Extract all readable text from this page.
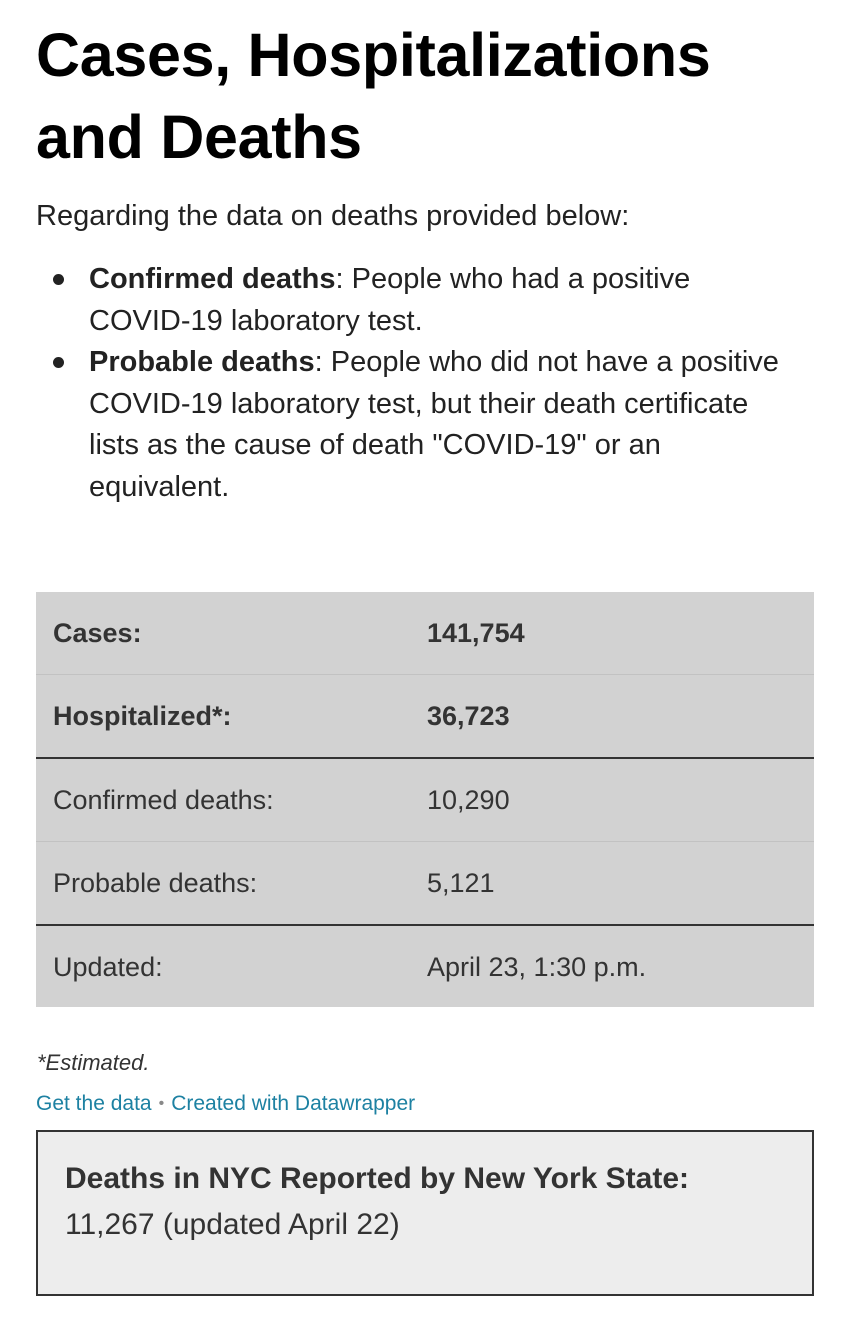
Cases, Hospitalizations and Deaths

Regarding the data on deaths provided below:

Confirmed deaths: People who had a positive COVID-19 laboratory test.
Probable deaths: People who did not have a positive COVID-19 laboratory test, but their death certificate lists as the cause of death "COVID-19" or an equivalent.
Cases:	141,754
Hospitalized*:	36,723
Confirmed deaths:	10,290
Probable deaths:	5,121
Updated:	April 23, 1:30 p.m.
*Estimated.
Get the data • Created with Datawrapper
Deaths in NYC Reported by New York State:
11,267 (updated April 22)
